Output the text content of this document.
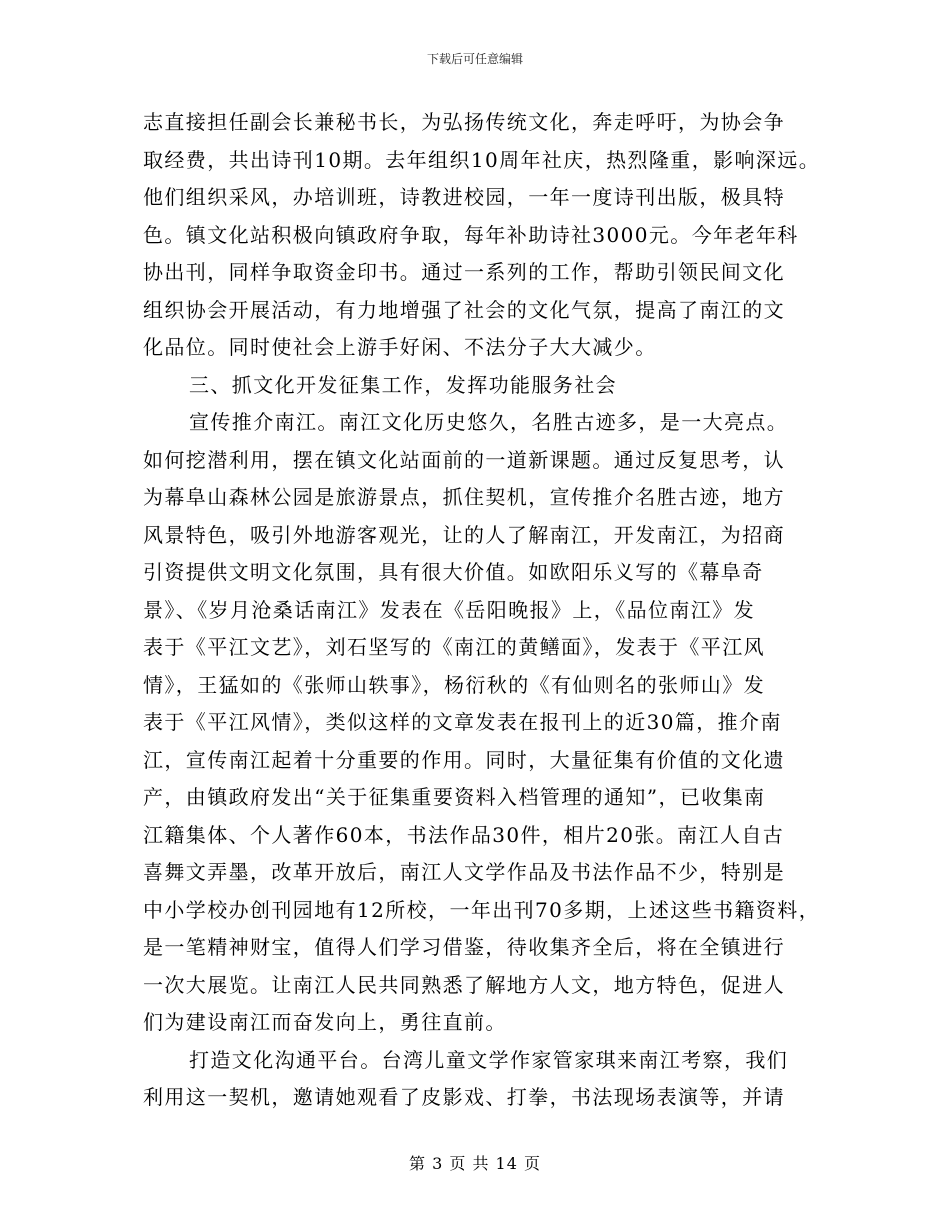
下载后可任意编辑
志直接担任副会长兼秘书长，为弘扬传统文化，奔走呼吁，为协会争
取经费，共出诗刊10期。去年组织10周年社庆，热烈隆重，影响深远。
他们组织采风，办培训班，诗教进校园，一年一度诗刊出版，极具特
色。镇文化站积极向镇政府争取，每年补助诗社3000元。今年老年科
协出刊，同样争取资金印书。通过一系列的工作，帮助引领民间文化
组织协会开展活动，有力地增强了社会的文化气氛，提高了南江的文
化品位。同时使社会上游手好闲、不法分子大大减少。
三、抓文化开发征集工作，发挥功能服务社会
宣传推介南江。南江文化历史悠久，名胜古迹多，是一大亮点。
如何挖潜利用，摆在镇文化站面前的一道新课题。通过反复思考，认
为幕阜山森林公园是旅游景点，抓住契机，宣传推介名胜古迹，地方
风景特色，吸引外地游客观光，让的人了解南江，开发南江，为招商
引资提供文明文化氛围，具有很大价值。如欧阳乐义写的《幕阜奇
景》、《岁月沧桑话南江》发表在《岳阳晚报》上，《品位南江》发
表于《平江文艺》，刘石坚写的《南江的黄鳝面》，发表于《平江风
情》，王猛如的《张师山轶事》，杨衍秋的《有仙则名的张师山》发
表于《平江风情》，类似这样的文章发表在报刊上的近30篇，推介南
江，宣传南江起着十分重要的作用。同时，大量征集有价值的文化遗
产，由镇政府发出“关于征集重要资料入档管理的通知”，已收集南
江籍集体、个人著作60本，书法作品30件，相片20张。南江人自古
喜舞文弄墨，改革开放后，南江人文学作品及书法作品不少，特别是
中小学校办创刊园地有12所校，一年出刊70多期，上述这些书籍资料，
是一笔精神财宝，值得人们学习借鉴，待收集齐全后，将在全镇进行
一次大展览。让南江人民共同熟悉了解地方人文，地方特色，促进人
们为建设南江而奋发向上，勇往直前。
打造文化沟通平台。台湾儿童文学作家管家琪来南江考察，我们
利用这一契机，邀请她观看了皮影戏、打拳，书法现场表演等，并请
第 3 页 共 14 页
